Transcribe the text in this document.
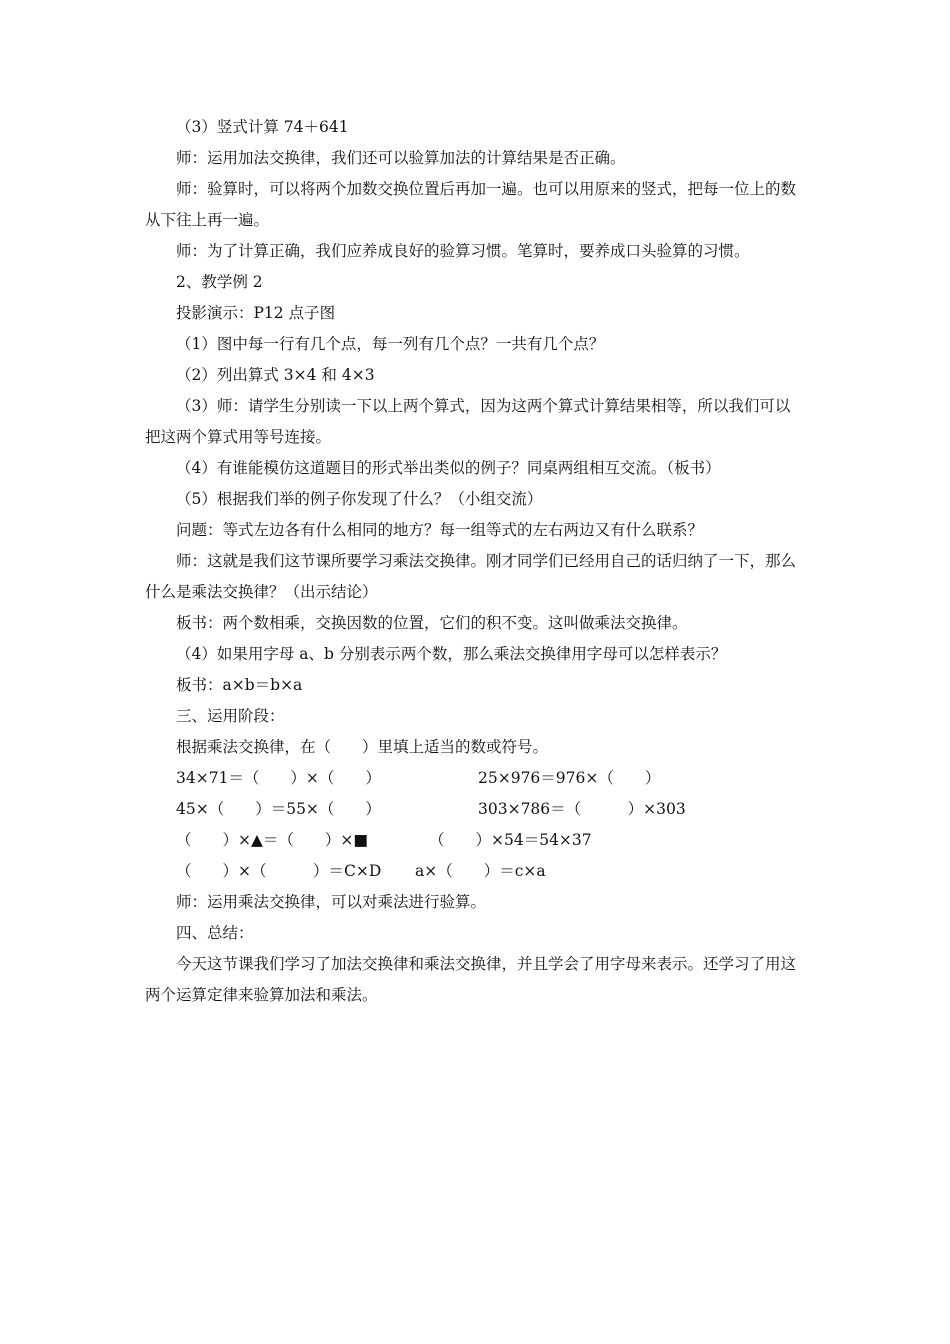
（3）竖式计算 74＋641

师：运用加法交换律，我们还可以验算加法的计算结果是否正确。

师：验算时，可以将两个加数交换位置后再加一遍。也可以用原来的竖式，把每一位上的数从下往上再一遍。

师：为了计算正确，我们应养成良好的验算习惯。笔算时，要养成口头验算的习惯。

2、教学例 2

投影演示：P12 点子图

（1）图中每一行有几个点，每一列有几个点？一共有几个点？

（2）列出算式 3×4 和 4×3

（3）师：请学生分别读一下以上两个算式，因为这两个算式计算结果相等，所以我们可以把这两个算式用等号连接。

（4）有谁能模仿这道题目的形式举出类似的例子？同桌两组相互交流。（板书）

（5）根据我们举的例子你发现了什么？（小组交流）

问题：等式左边各有什么相同的地方？每一组等式的左右两边又有什么联系？

师：这就是我们这节课所要学习乘法交换律。刚才同学们已经用自己的话归纳了一下，那么什么是乘法交换律？（出示结论）

板书：两个数相乘，交换因数的位置，它们的积不变。这叫做乘法交换律。

（4）如果用字母 a、b 分别表示两个数，那么乘法交换律用字母可以怎样表示？

板书：a×b＝b×a

三、运用阶段：

根据乘法交换律，在（　　）里填上适当的数或符号。

34×71＝（　　）×（　　）	25×976＝976×（　　）
45×（　　）＝55×（　　）	303×786＝（　　　）×303
（　　）×▲＝（　　）×■	（　　）×54＝54×37
（　　）×（　　　）＝C×D a×（　　）＝c×a

师：运用乘法交换律，可以对乘法进行验算。

四、总结：

今天这节课我们学习了加法交换律和乘法交换律，并且学会了用字母来表示。还学习了用这两个运算定律来验算加法和乘法。
